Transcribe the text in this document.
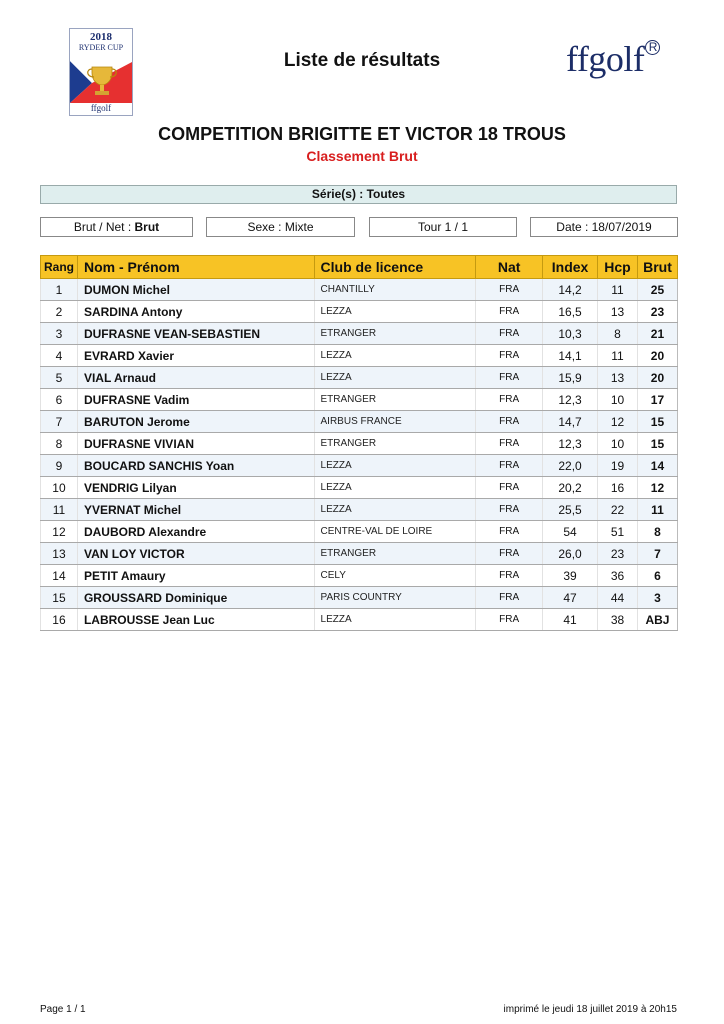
2018
RYDER CUP
ffgolf
Liste de résultats	ffgolf R
COMPETITION BRIGITTE ET VICTOR 18 TROUS
Classement Brut
Série(s) : Toutes
Brut / Net : Brut	Sexe : Mixte	Tour 1 / 1	Date : 18/07/2019
Rang	Nom - Prénom	Club de licence	Nat	Index	Hcp	Brut
1	DUMON Michel	CHANTILLY	FRA	14,2	11	25
2	SARDINA Antony	LEZZA	FRA	16,5	13	23
3	DUFRASNE VEAN-SEBASTIEN	ETRANGER	FRA	10,3	8	21
4	EVRARD Xavier	LEZZA	FRA	14,1	11	20
5	VIAL Arnaud	LEZZA	FRA	15,9	13	20
6	DUFRASNE Vadim	ETRANGER	FRA	12,3	10	17
7	BARUTON Jerome	AIRBUS FRANCE	FRA	14,7	12	15
8	DUFRASNE VIVIAN	ETRANGER	FRA	12,3	10	15
9	BOUCARD SANCHIS Yoan	LEZZA	FRA	22,0	19	14
10	VENDRIG Lilyan	LEZZA	FRA	20,2	16	12
11	YVERNAT Michel	LEZZA	FRA	25,5	22	11
12	DAUBORD Alexandre	CENTRE-VAL DE LOIRE	FRA	54	51	8
13	VAN LOY VICTOR	ETRANGER	FRA	26,0	23	7
14	PETIT Amaury	CELY	FRA	39	36	6
15	GROUSSARD Dominique	PARIS COUNTRY	FRA	47	44	3
16	LABROUSSE Jean Luc	LEZZA	FRA	41	38	ABJ
Page 1 / 1	imprimé le jeudi 18 juillet 2019 à 20h15
